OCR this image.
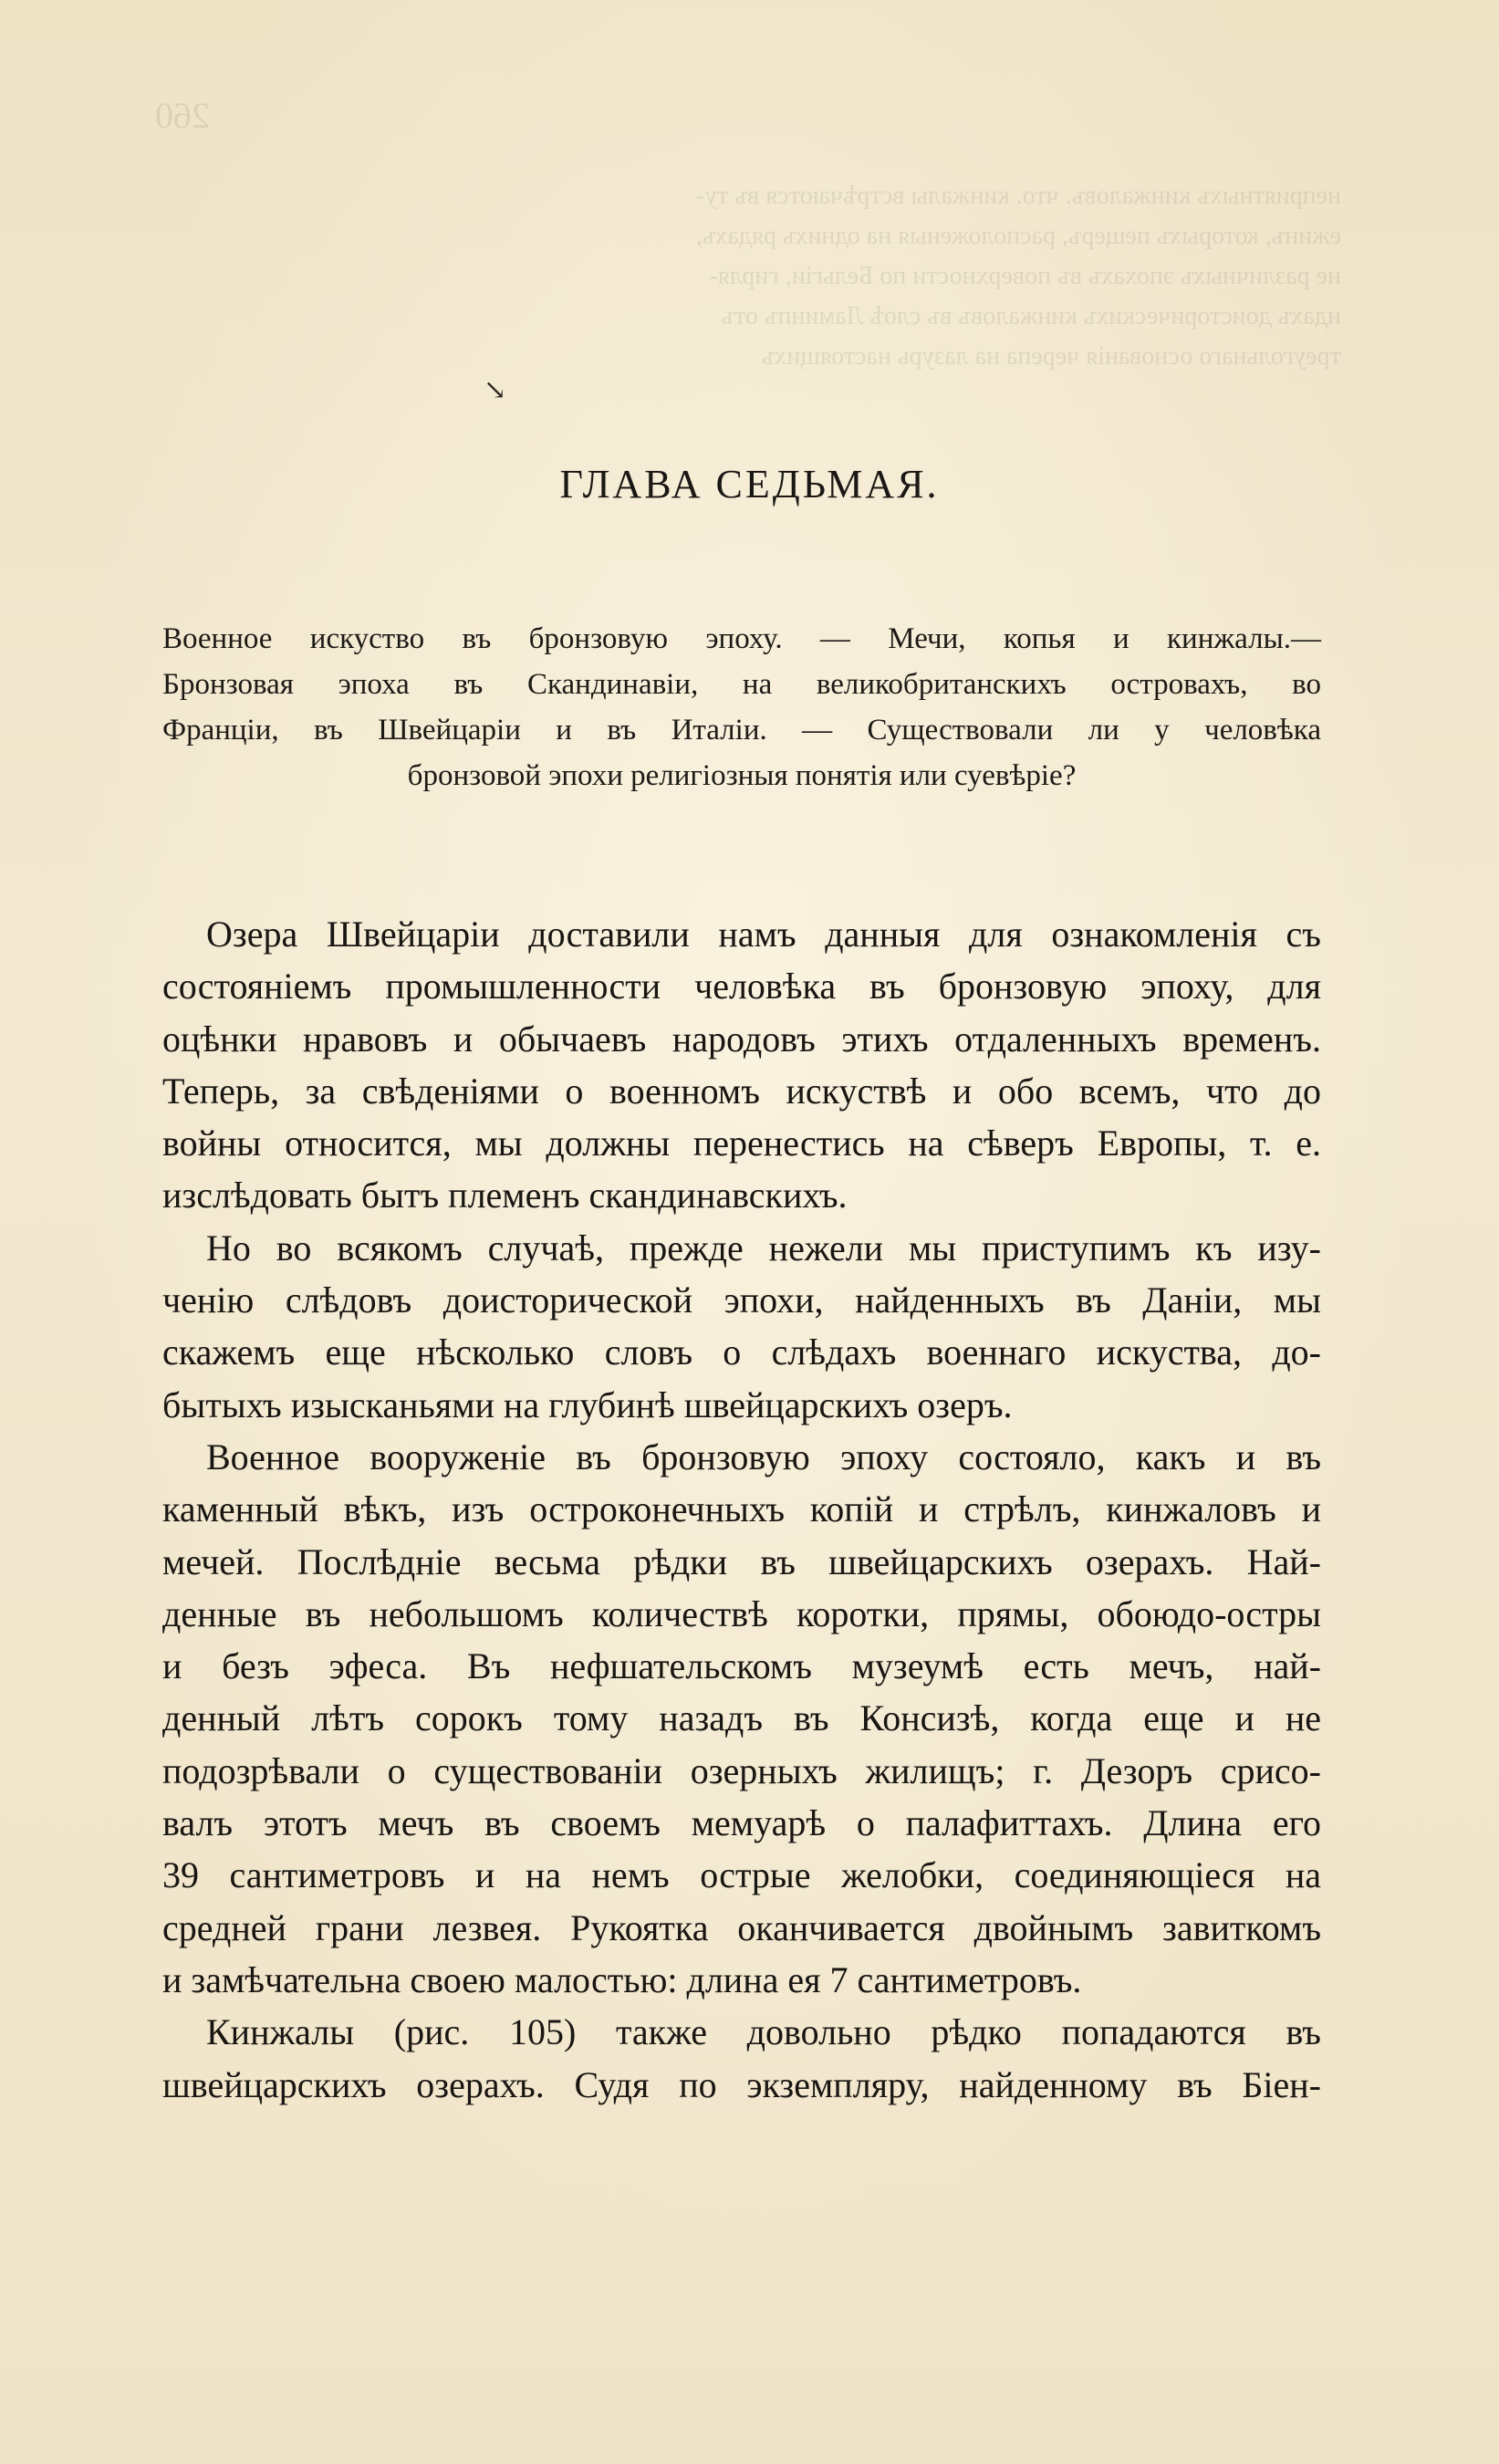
260

неприятныхъ кинжаловъ. что. кинжалы встрѣчаются въ ту-
ежинъ, которыхъ пещеръ, расположеныя на однихъ рядахъ,
не различныхъ эпохахъ въ поверхности по Бельгіи, гирля-
ндахъ доисторическихъ кинжаловъ въ слоѣ Ламинпъ отъ
треугольнаго основанія черепа на лазурь настоящихъ

↘
ГЛАВА СЕДЬМАЯ.
Военное искуство въ бронзовую эпоху. — Мечи, копья и кинжалы.—
Бронзовая эпоха въ Скандинавіи, на великобританскихъ островахъ, во
Франціи, въ Швейцаріи и въ Италіи. — Существовали ли у человѣка
бронзовой эпохи религіозныя понятія или суевѣріе?
Озера Швейцаріи доставили намъ данныя для ознакомленія съ
состояніемъ промышленности человѣка въ бронзовую эпоху, для
оцѣнки нравовъ и обычаевъ народовъ этихъ отдаленныхъ временъ.
Теперь, за свѣденіями о военномъ искуствѣ и обо всемъ, что до
войны относится, мы должны перенестись на сѣверъ Европы, т. е.
изслѣдовать бытъ племенъ скандинавскихъ.
Но во всякомъ случаѣ, прежде нежели мы приступимъ къ изу-
ченію слѣдовъ доисторической эпохи, найденныхъ въ Даніи, мы
скажемъ еще нѣсколько словъ о слѣдахъ военнаго искуства, до-
бытыхъ изысканьями на глубинѣ швейцарскихъ озеръ.
Военное вооруженіе въ бронзовую эпоху состояло, какъ и въ
каменный вѣкъ, изъ остроконечныхъ копій и стрѣлъ, кинжаловъ и
мечей. Послѣдніе весьма рѣдки въ швейцарскихъ озерахъ. Най-
денные въ небольшомъ количествѣ коротки, прямы, обоюдо-остры
и безъ эфеса. Въ нефшательскомъ музеумѣ есть мечъ, най-
денный лѣтъ сорокъ тому назадъ въ Консизѣ, когда еще и не
подозрѣвали о существованіи озерныхъ жилищъ; г. Дезоръ срисо-
валъ этотъ мечъ въ своемъ мемуарѣ о палафиттахъ. Длина его
39 сантиметровъ и на немъ острые желобки, соединяющіеся на
средней грани лезвея. Рукоятка оканчивается двойнымъ завиткомъ
и замѣчательна своею малостью: длина ея 7 сантиметровъ.
Кинжалы (рис. 105) также довольно рѣдко попадаются въ
швейцарскихъ озерахъ. Судя по экземпляру, найденному въ Біен-
